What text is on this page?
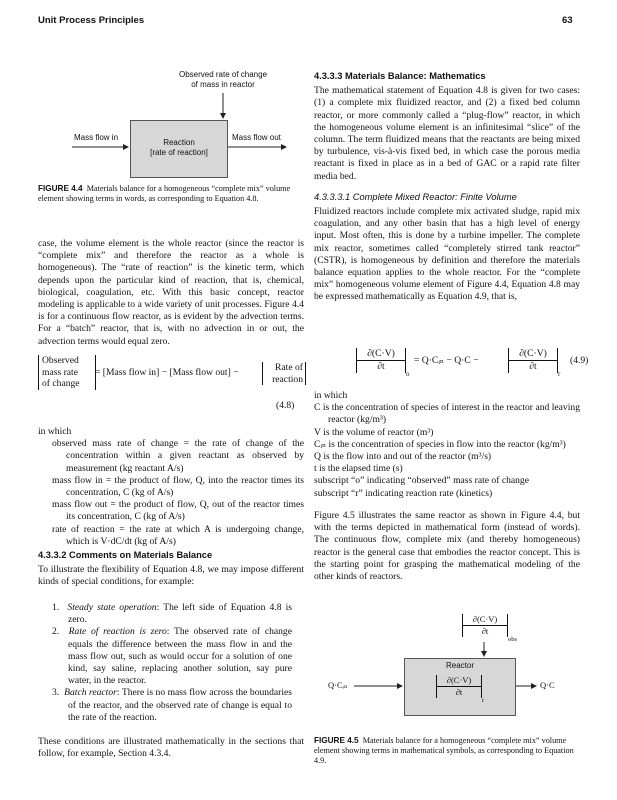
Unit Process Principles	63
Observed rate of change
of mass in reactor
Mass flow in	Mass flow out
Reaction
[rate of reaction]
FIGURE 4.4 Materials balance for a homogeneous “complete mix” volume element showing terms in words, as corresponding to Equation 4.8.

case, the volume element is the whole reactor (since the reactor is “complete mix” and therefore the reactor as a whole is homogeneous). The “rate of reaction” is the kinetic term, which depends upon the particular kind of reaction, that is, chemical, biological, coagulation, etc. With this basic concept, reactor modeling is applicable to a wide variety of unit processes. Figure 4.4 is for a continuous flow reactor, as is evident by the advection terms. For a “batch” reactor, that is, with no advection in or out, the advection terms would equal zero.

Observed
mass rate
of change
= [Mass flow in] − [Mass flow out] −	Rate of
reaction
(4.8)

in which

observed mass rate of change = the rate of change of the concentration within a given reactant as observed by measurement (kg reactant A/s)

mass flow in = the product of flow, Q, into the reactor times its concentration, C (kg of A/s)

mass flow out = the product of flow, Q, out of the reactor times its concentration, C (kg of A/s)

rate of reaction = the rate at which A is undergoing change, which is V·dC/dt (kg of A/s)

4.3.3.2 Comments on Materials Balance

To illustrate the flexibility of Equation 4.8, we may impose different kinds of special conditions, for example:

1. Steady state operation: The left side of Equation 4.8 is zero.

2. Rate of reaction is zero: The observed rate of change equals the difference between the mass flow in and the mass flow out, such as would occur for a solution of one kind, say saline, replacing another solution, say pure water, in the reactor.

3. Batch reactor: There is no mass flow across the boundaries of the reactor, and the observed rate of change is equal to the rate of the reaction.

These conditions are illustrated mathematically in the sections that follow, for example, Section 4.3.4.

4.3.3.3 Materials Balance: Mathematics

The mathematical statement of Equation 4.8 is given for two cases: (1) a complete mix fluidized reactor, and (2) a fixed bed column reactor, or more commonly called a “plug-flow” reactor, in which the homogeneous volume element is an infinitesimal “slice” of the column. The term fluidized means that the reactants are being mixed by turbulence, vis-à-vis fixed bed, in which case the porous media reactant is fixed in place as in a bed of GAC or a rapid rate filter media bed.

4.3.3.3.1 Complete Mixed Reactor: Finite Volume

Fluidized reactors include complete mix activated sludge, rapid mix coagulation, and any other basin that has a high level of energy input. Most often, this is done by a turbine impeller. The complete mix reactor, sometimes called “completely stirred tank reactor” (CSTR), is homogeneous by definition and therefore the materials balance equation applies to the whole reactor. For the “complete mix” homogeneous volume element of Figure 4.4, Equation 4.8 may be expressed mathematically as Equation 4.9, that is,

∂(C·V)
∂t
o
= Q·Cᵢₙ − Q·C −
∂(C·V)
∂t
r
(4.9)

in which

C is the concentration of species of interest in the reactor and leaving reactor (kg/m³)

V is the volume of reactor (m³)

Cᵢₙ is the concentration of species in flow into the reactor (kg/m³)

Q is the flow into and out of the reactor (m³/s)

t is the elapsed time (s)

subscript “o” indicating “observed” mass rate of change

subscript “r” indicating reaction rate (kinetics)

Figure 4.5 illustrates the same reactor as shown in Figure 4.4, but with the terms depicted in mathematical form (instead of words). The continuous flow, complete mix (and thereby homogeneous) reactor is the general case that embodies the reactor concept. This is the starting point for grasping the mathematical modeling of the other kinds of reactors.

∂(C·V)
∂t
obs
Reactor
∂(C·V)
∂t
r
Q·Cᵢₙ	Q·C
FIGURE 4.5 Materials balance for a homogeneous “complete mix” volume element showing terms in mathematical symbols, as corresponding to Equation 4.9.
